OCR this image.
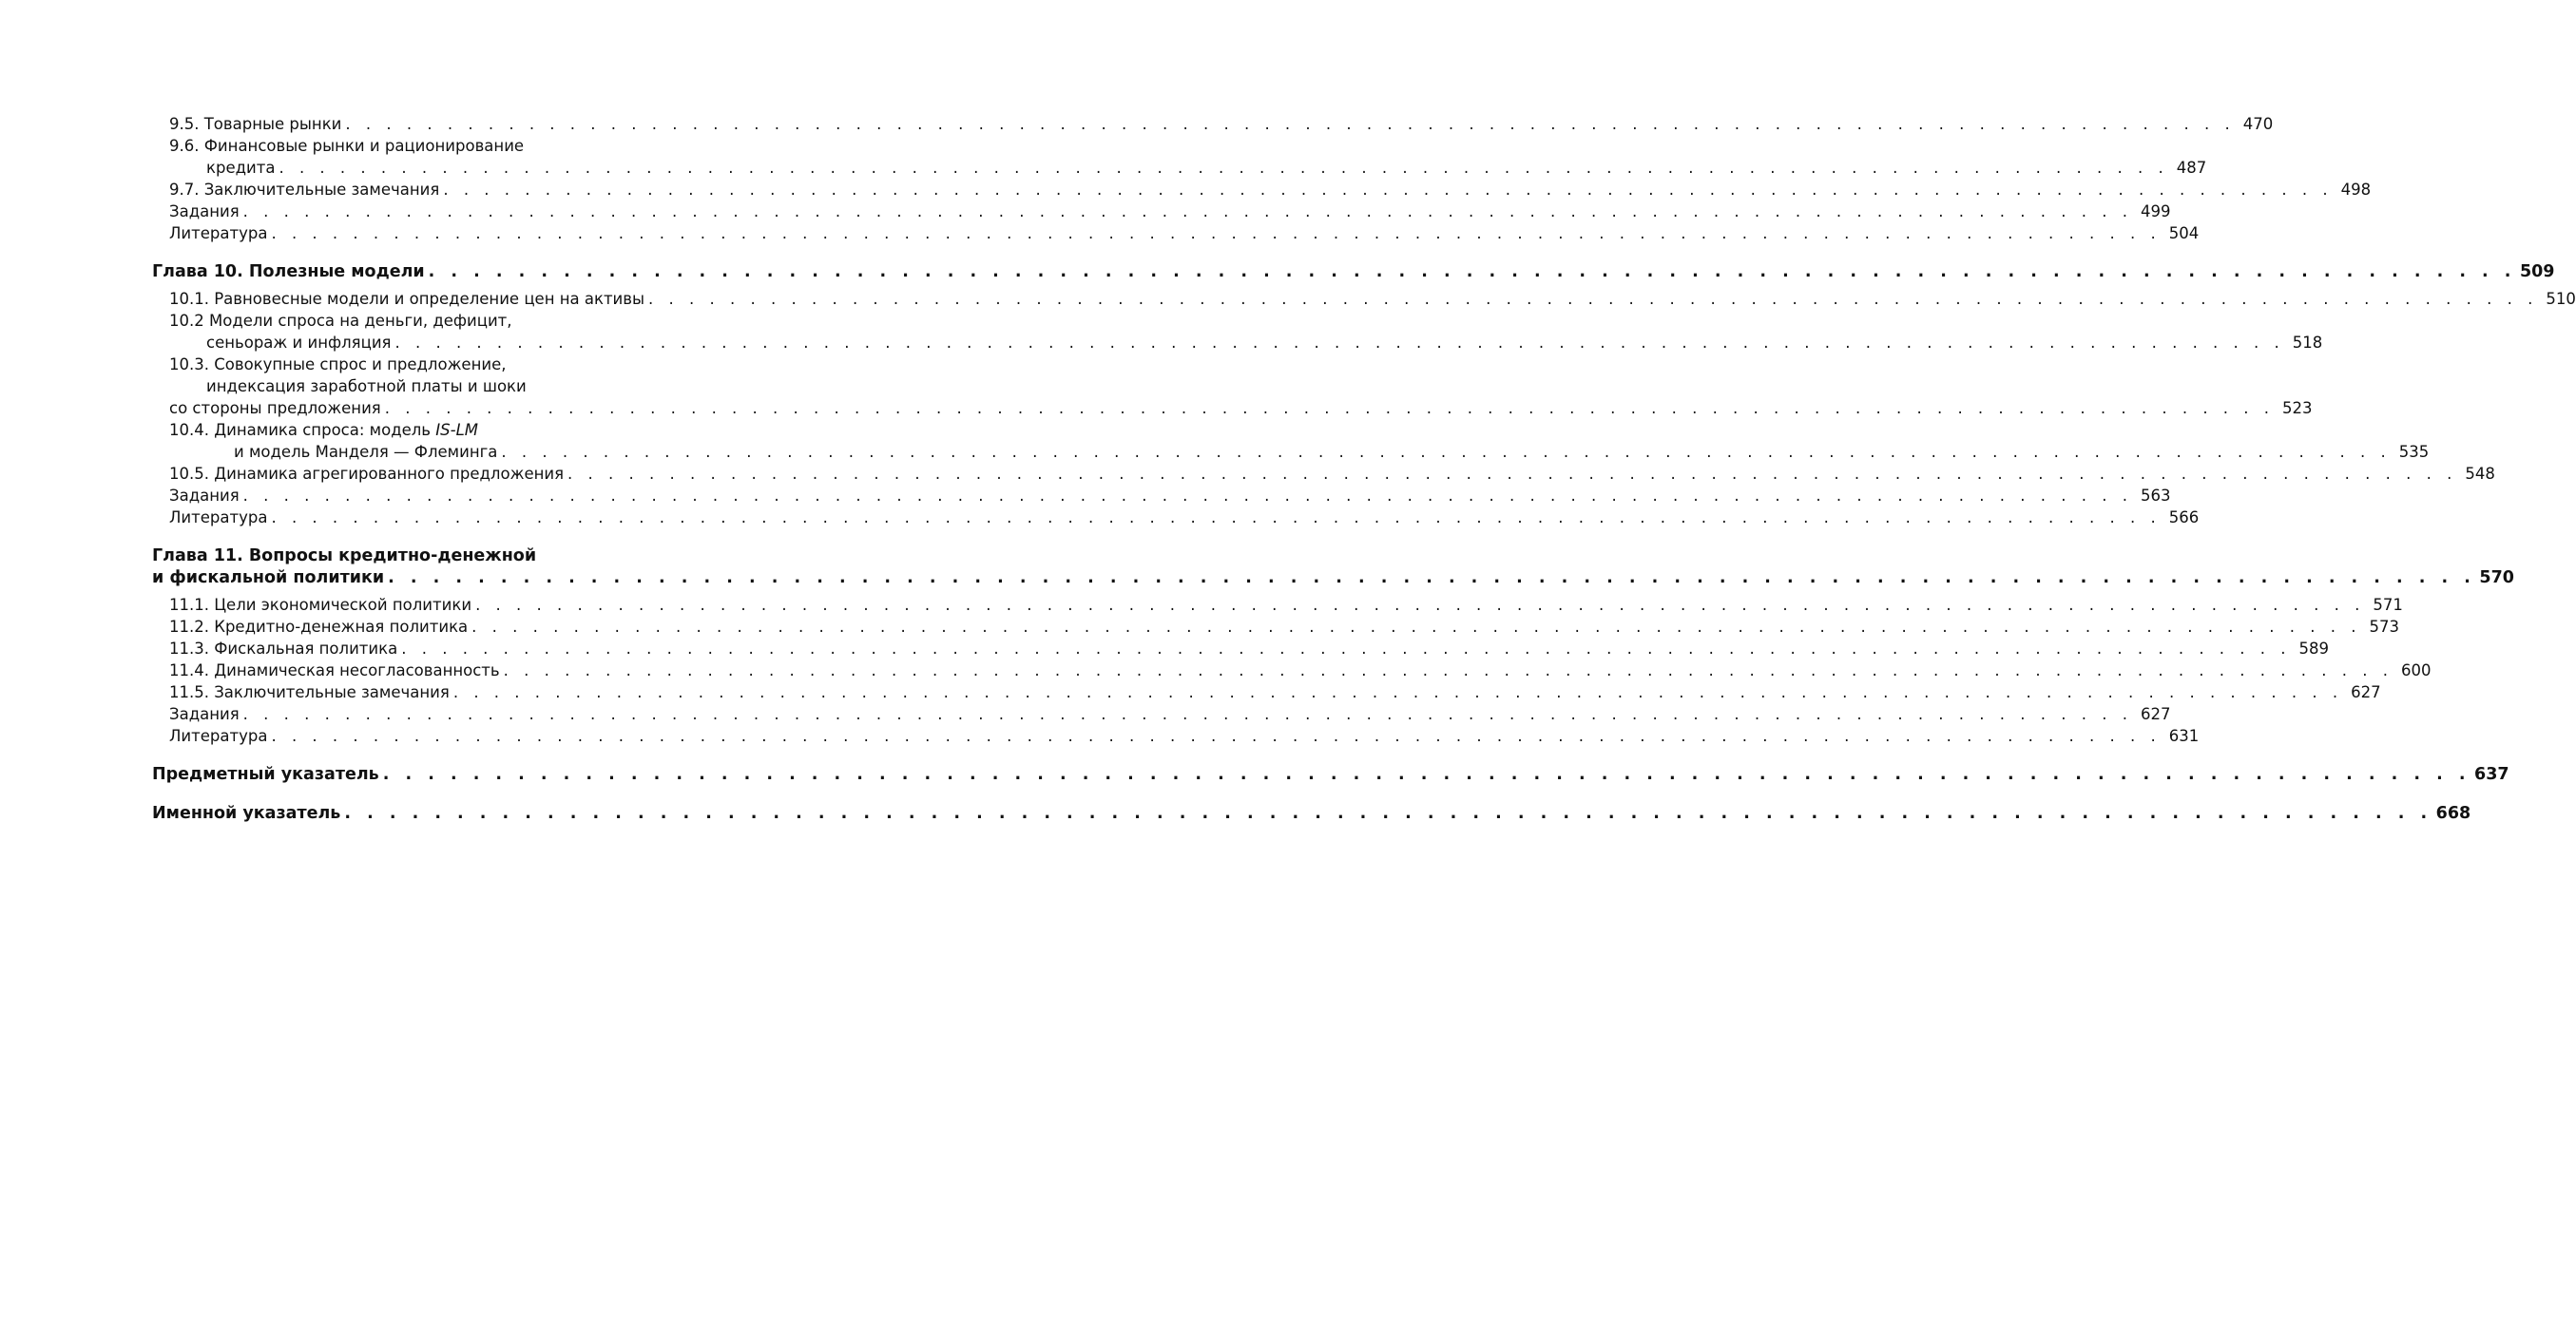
9.5. Товарные рынки . . . . . . . . . . . . . . . . . . . . . . . . . . . . . . . . . . . . . . . . . . . . . . . . . . . . . . . . . . . . . . . . . . . . . . . . . . . . . . . . . . . . . . . . . . . . . 470
9.6. Финансовые рынки и рационирование
кредита . . . . . . . . . . . . . . . . . . . . . . . . . . . . . . . . . . . . . . . . . . . . . . . . . . . . . . . . . . . . . . . . . . . . . . . . . . . . . . . . . . . . . . . . . . . . . 487
9.7. Заключительные замечания . . . . . . . . . . . . . . . . . . . . . . . . . . . . . . . . . . . . . . . . . . . . . . . . . . . . . . . . . . . . . . . . . . . . . . . . . . . . . . . . . . . . . . . . . . . . . 498
Задания . . . . . . . . . . . . . . . . . . . . . . . . . . . . . . . . . . . . . . . . . . . . . . . . . . . . . . . . . . . . . . . . . . . . . . . . . . . . . . . . . . . . . . . . . . . . . 499
Литература . . . . . . . . . . . . . . . . . . . . . . . . . . . . . . . . . . . . . . . . . . . . . . . . . . . . . . . . . . . . . . . . . . . . . . . . . . . . . . . . . . . . . . . . . . . . . 504
Глава 10. Полезные модели . . . . . . . . . . . . . . . . . . . . . . . . . . . . . . . . . . . . . . . . . . . . . . . . . . . . . . . . . . . . . . . . . . . . . . . . . . . . . . . . . . . . . . . . . . . . . 509
10.1. Равновесные модели и определение цен на активы . . . . . . . . . . . . . . . . . . . . . . . . . . . . . . . . . . . . . . . . . . . . . . . . . . . . . . . . . . . . . . . . . . . . . . . . . . . . . . . . . . . . . . . . . . . . . 510
10.2 Модели спроса на деньги, дефицит,
сеньораж и инфляция . . . . . . . . . . . . . . . . . . . . . . . . . . . . . . . . . . . . . . . . . . . . . . . . . . . . . . . . . . . . . . . . . . . . . . . . . . . . . . . . . . . . . . . . . . . . . 518
10.3. Совокупные спрос и предложение,
индексация заработной платы и шоки
со стороны предложения . . . . . . . . . . . . . . . . . . . . . . . . . . . . . . . . . . . . . . . . . . . . . . . . . . . . . . . . . . . . . . . . . . . . . . . . . . . . . . . . . . . . . . . . . . . . . 523
10.4. Динамика спроса: модель IS-LM
и модель Манделя — Флеминга . . . . . . . . . . . . . . . . . . . . . . . . . . . . . . . . . . . . . . . . . . . . . . . . . . . . . . . . . . . . . . . . . . . . . . . . . . . . . . . . . . . . . . . . . . . . . 535
10.5. Динамика агрегированного предложения . . . . . . . . . . . . . . . . . . . . . . . . . . . . . . . . . . . . . . . . . . . . . . . . . . . . . . . . . . . . . . . . . . . . . . . . . . . . . . . . . . . . . . . . . . . . . 548
Задания . . . . . . . . . . . . . . . . . . . . . . . . . . . . . . . . . . . . . . . . . . . . . . . . . . . . . . . . . . . . . . . . . . . . . . . . . . . . . . . . . . . . . . . . . . . . . 563
Литература . . . . . . . . . . . . . . . . . . . . . . . . . . . . . . . . . . . . . . . . . . . . . . . . . . . . . . . . . . . . . . . . . . . . . . . . . . . . . . . . . . . . . . . . . . . . . 566
Глава 11. Вопросы кредитно-денежной
и фискальной политики . . . . . . . . . . . . . . . . . . . . . . . . . . . . . . . . . . . . . . . . . . . . . . . . . . . . . . . . . . . . . . . . . . . . . . . . . . . . . . . . . . . . . . . . . . . . . 570
11.1. Цели экономической политики . . . . . . . . . . . . . . . . . . . . . . . . . . . . . . . . . . . . . . . . . . . . . . . . . . . . . . . . . . . . . . . . . . . . . . . . . . . . . . . . . . . . . . . . . . . . . 571
11.2. Кредитно-денежная политика . . . . . . . . . . . . . . . . . . . . . . . . . . . . . . . . . . . . . . . . . . . . . . . . . . . . . . . . . . . . . . . . . . . . . . . . . . . . . . . . . . . . . . . . . . . . . 573
11.3. Фискальная политика . . . . . . . . . . . . . . . . . . . . . . . . . . . . . . . . . . . . . . . . . . . . . . . . . . . . . . . . . . . . . . . . . . . . . . . . . . . . . . . . . . . . . . . . . . . . . 589
11.4. Динамическая несогласованность . . . . . . . . . . . . . . . . . . . . . . . . . . . . . . . . . . . . . . . . . . . . . . . . . . . . . . . . . . . . . . . . . . . . . . . . . . . . . . . . . . . . . . . . . . . . . 600
11.5. Заключительные замечания . . . . . . . . . . . . . . . . . . . . . . . . . . . . . . . . . . . . . . . . . . . . . . . . . . . . . . . . . . . . . . . . . . . . . . . . . . . . . . . . . . . . . . . . . . . . . 627
Задания . . . . . . . . . . . . . . . . . . . . . . . . . . . . . . . . . . . . . . . . . . . . . . . . . . . . . . . . . . . . . . . . . . . . . . . . . . . . . . . . . . . . . . . . . . . . . 627
Литература . . . . . . . . . . . . . . . . . . . . . . . . . . . . . . . . . . . . . . . . . . . . . . . . . . . . . . . . . . . . . . . . . . . . . . . . . . . . . . . . . . . . . . . . . . . . . 631
Предметный указатель . . . . . . . . . . . . . . . . . . . . . . . . . . . . . . . . . . . . . . . . . . . . . . . . . . . . . . . . . . . . . . . . . . . . . . . . . . . . . . . . . . . . . . . . . . . . . 637
Именной указатель . . . . . . . . . . . . . . . . . . . . . . . . . . . . . . . . . . . . . . . . . . . . . . . . . . . . . . . . . . . . . . . . . . . . . . . . . . . . . . . . . . . . . . . . . . . . . 668
